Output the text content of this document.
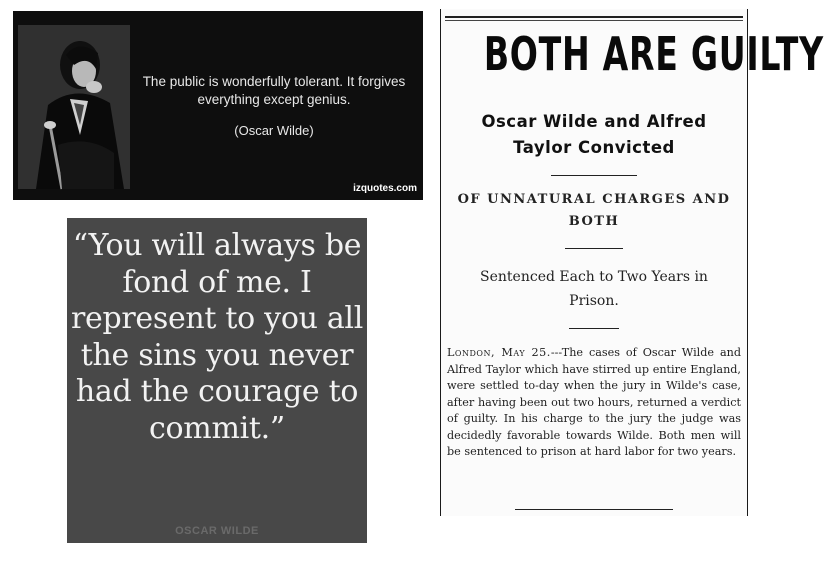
The public is wonderfully tolerant. It forgives everything except genius.
(Oscar Wilde)
izquotes.com
“You will always be fond of me. I represent to you all the sins you never had the courage to commit.”
OSCAR WILDE
BOTH ARE GUILTY
Oscar Wilde and Alfred
Taylor Convicted
OF UNNATURAL CHARGES AND
BOTH
Sentenced Each to Two Years in
Prison.
London, May 25.---The cases of Oscar Wilde and Alfred Taylor which have stirred up entire England, were settled to-day when the jury in Wilde's case, after having been out two hours, returned a verdict of guilty. In his charge to the jury the judge was decidedly favorable towards Wilde. Both men will be sentenced to prison at hard labor for two years.
